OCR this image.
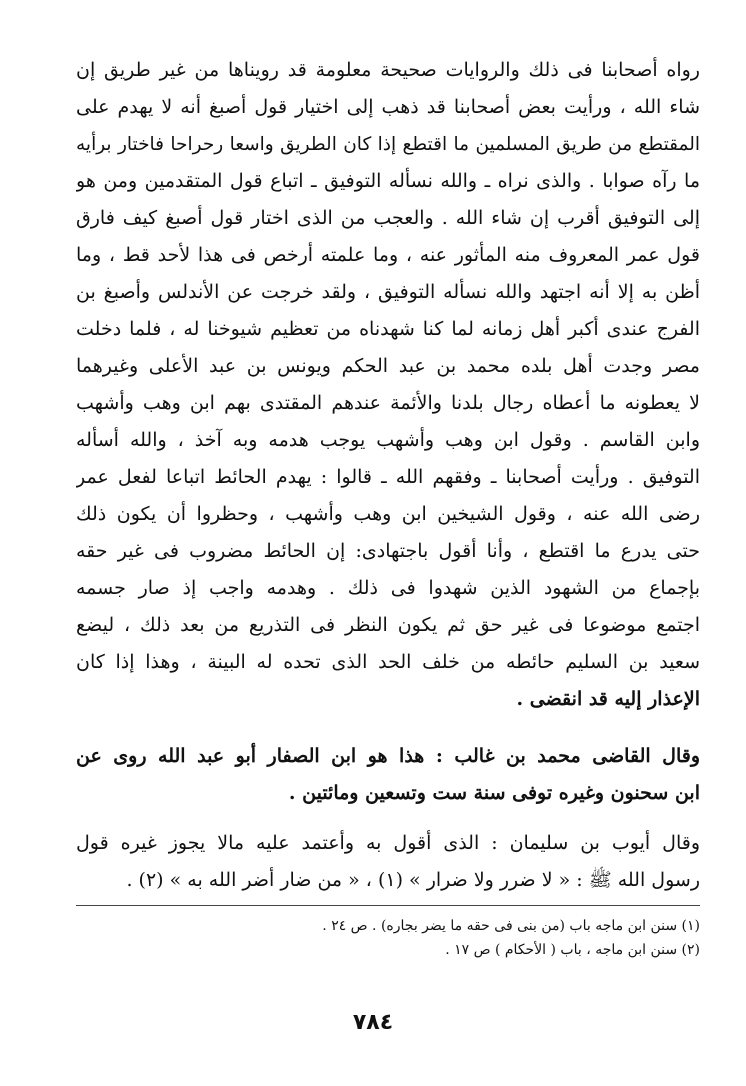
رواه أصحابنا فى ذلك والروايات صحيحة معلومة قد رويناها من غير طريق إن
شاء الله ، ورأيت بعض أصحابنا قد ذهب إلى اختيار قول أصبغ أنه لا يهدم على
المقتطع من طريق المسلمين ما اقتطع إذا كان الطريق واسعا رحراحا فاختار برأيه
ما رآه صوابا . والذى نراه ـ والله نسأله التوفيق ـ اتباع قول المتقدمين ومن هو
إلى التوفيق أقرب إن شاء الله . والعجب من الذى اختار قول أصبغ كيف فارق
قول عمر المعروف منه المأثور عنه ، وما علمته أرخص فى هذا لأحد قط ، وما
أظن به إلا أنه اجتهد والله نسأله التوفيق ، ولقد خرجت عن الأندلس وأصبغ بن
الفرج عندى أكبر أهل زمانه لما كنا شهدناه من تعظيم شيوخنا له ، فلما دخلت
مصر وجدت أهل بلده محمد بن عبد الحكم ويونس بن عبد الأعلى وغيرهما
لا يعطونه ما أعطاه رجال بلدنا والأئمة عندهم المقتدى بهم ابن وهب وأشهب
وابن القاسم . وقول ابن وهب وأشهب يوجب هدمه وبه آخذ ، والله أسأله
التوفيق . ورأيت أصحابنا ـ وفقهم الله ـ قالوا : يهدم الحائط اتباعا لفعل عمر
رضى الله عنه ، وقول الشيخين ابن وهب وأشهب ، وحظروا أن يكون ذلك
حتى يدرع ما اقتطع ، وأنا أقول باجتهادى: إن الحائط مضروب فى غير حقه
بإجماع من الشهود الذين شهدوا فى ذلك . وهدمه واجب إذ صار جسمه
اجتمع موضوعا فى غير حق ثم يكون النظر فى التذريع من بعد ذلك ، ليضع
سعيد بن السليم حائطه من خلف الحد الذى تحده له البينة ، وهذا إذا كان
الإعذار إليه قد انقضى .
وقال القاضى محمد بن غالب : هذا هو ابن الصفار أبو عبد الله روى عن
ابن سحنون وغيره توفى سنة ست وتسعين ومائتين .
وقال أيوب بن سليمان : الذى أقول به وأعتمد عليه مالا يجوز غيره قول
رسول الله ﷺ : « لا ضرر ولا ضرار » (١) ، « من ضار أضر الله به » (٢) .
(١) سنن ابن ماجه باب (من بنى فى حقه ما يضر بجاره) . ص ٢٤ .
(٢) سنن ابن ماجه ، باب ( الأحكام ) ص ١٧ .
٧٨٤
